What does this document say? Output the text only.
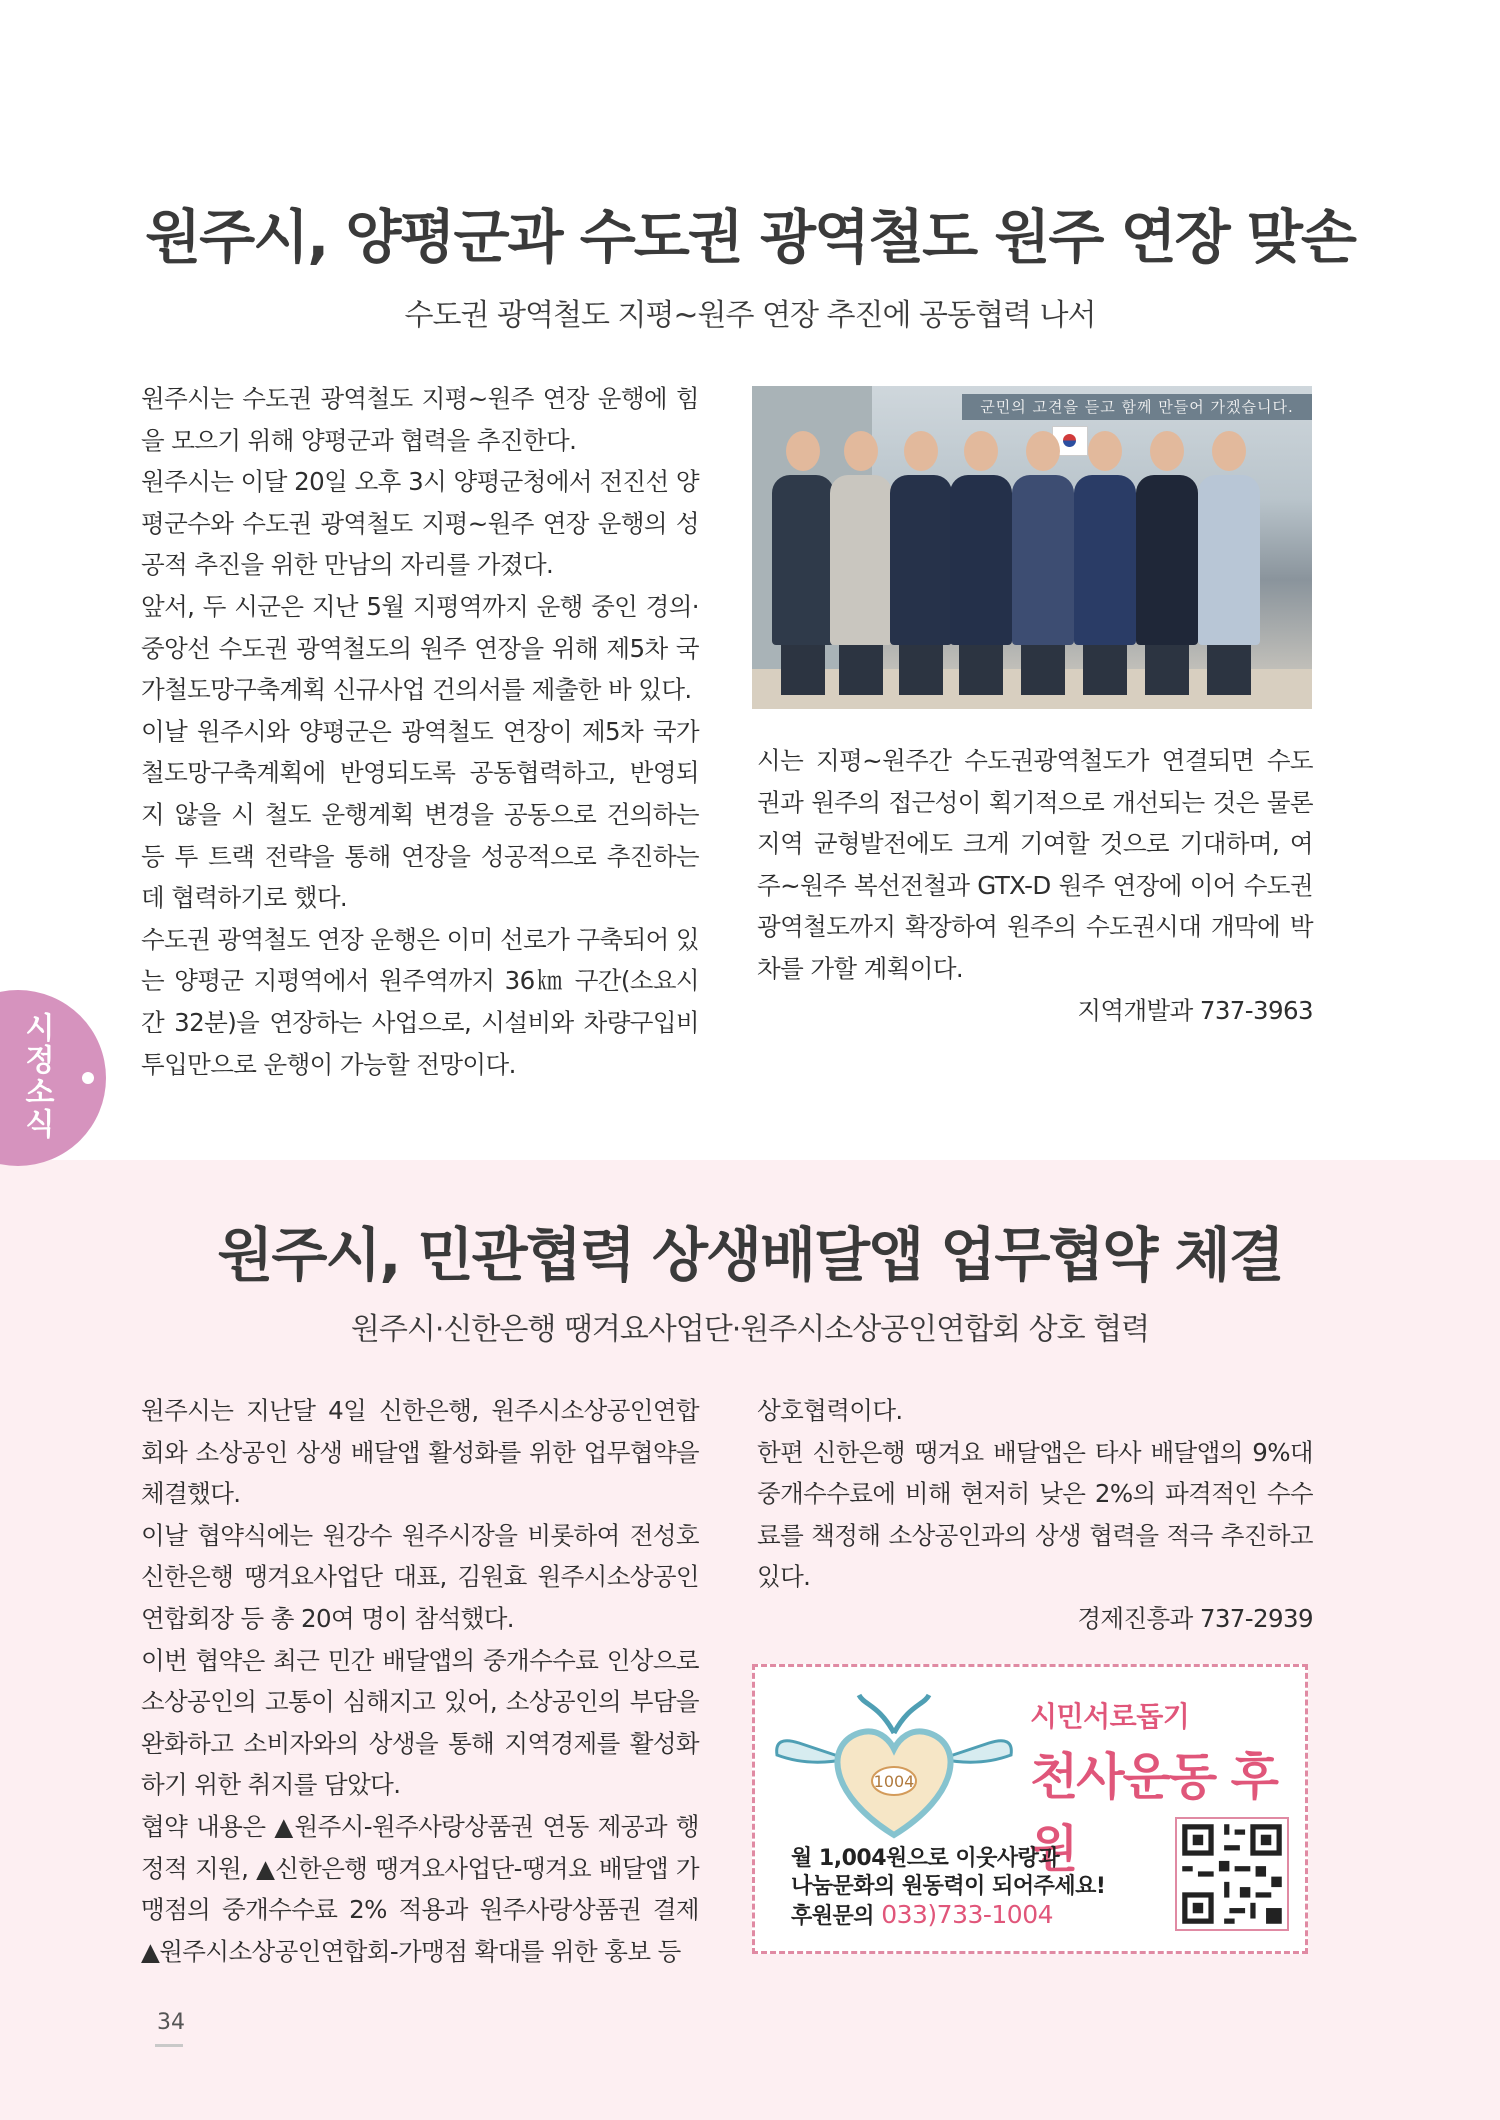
원주시, 양평군과 수도권 광역철도 원주 연장 맞손
수도권 광역철도 지평~원주 연장 추진에 공동협력 나서

원주시는 수도권 광역철도 지평~원주 연장 운행에 힘을 모으기 위해 양평군과 협력을 추진한다.

원주시는 이달 20일 오후 3시 양평군청에서 전진선 양평군수와 수도권 광역철도 지평~원주 연장 운행의 성공적 추진을 위한 만남의 자리를 가졌다.

앞서, 두 시군은 지난 5월 지평역까지 운행 중인 경의·중앙선 수도권 광역철도의 원주 연장을 위해 제5차 국가철도망구축계획 신규사업 건의서를 제출한 바 있다.

이날 원주시와 양평군은 광역철도 연장이 제5차 국가철도망구축계획에 반영되도록 공동협력하고, 반영되지 않을 시 철도 운행계획 변경을 공동으로 건의하는 등 투 트랙 전략을 통해 연장을 성공적으로 추진하는 데 협력하기로 했다.

수도권 광역철도 연장 운행은 이미 선로가 구축되어 있는 양평군 지평역에서 원주역까지 36㎞ 구간(소요시간 32분)을 연장하는 사업으로, 시설비와 차량구입비 투입만으로 운행이 가능할 전망이다.

군민의 고견을 듣고 함께 만들어 가겠습니다.

시는 지평~원주간 수도권광역철도가 연결되면 수도권과 원주의 접근성이 획기적으로 개선되는 것은 물론 지역 균형발전에도 크게 기여할 것으로 기대하며, 여주~원주 복선전철과 GTX-D 원주 연장에 이어 수도권 광역철도까지 확장하여 원주의 수도권시대 개막에 박차를 가할 계획이다.

지역개발과 737-3963

시정소식
원주시, 민관협력 상생배달앱 업무협약 체결
원주시·신한은행 땡겨요사업단·원주시소상공인연합회 상호 협력

원주시는 지난달 4일 신한은행, 원주시소상공인연합회와 소상공인 상생 배달앱 활성화를 위한 업무협약을 체결했다.

이날 협약식에는 원강수 원주시장을 비롯하여 전성호 신한은행 땡겨요사업단 대표, 김원효 원주시소상공인연합회장 등 총 20여 명이 참석했다.

이번 협약은 최근 민간 배달앱의 중개수수료 인상으로 소상공인의 고통이 심해지고 있어, 소상공인의 부담을 완화하고 소비자와의 상생을 통해 지역경제를 활성화하기 위한 취지를 담았다.

협약 내용은 ▲원주시-원주사랑상품권 연동 제공과 행정적 지원, ▲신한은행 땡겨요사업단-땡겨요 배달앱 가맹점의 중개수수료 2% 적용과 원주사랑상품권 결제 ▲원주시소상공인연합회-가맹점 확대를 위한 홍보 등

상호협력이다.

한편 신한은행 땡겨요 배달앱은 타사 배달앱의 9%대 중개수수료에 비해 현저히 낮은 2%의 파격적인 수수료를 책정해 소상공인과의 상생 협력을 적극 추진하고 있다.

경제진흥과 737-2939

1004
시민서로돕기
천사운동 후원
월 1,004원으로 이웃사랑과
나눔문화의 원동력이 되어주세요!
후원문의 033)733-1004
34
